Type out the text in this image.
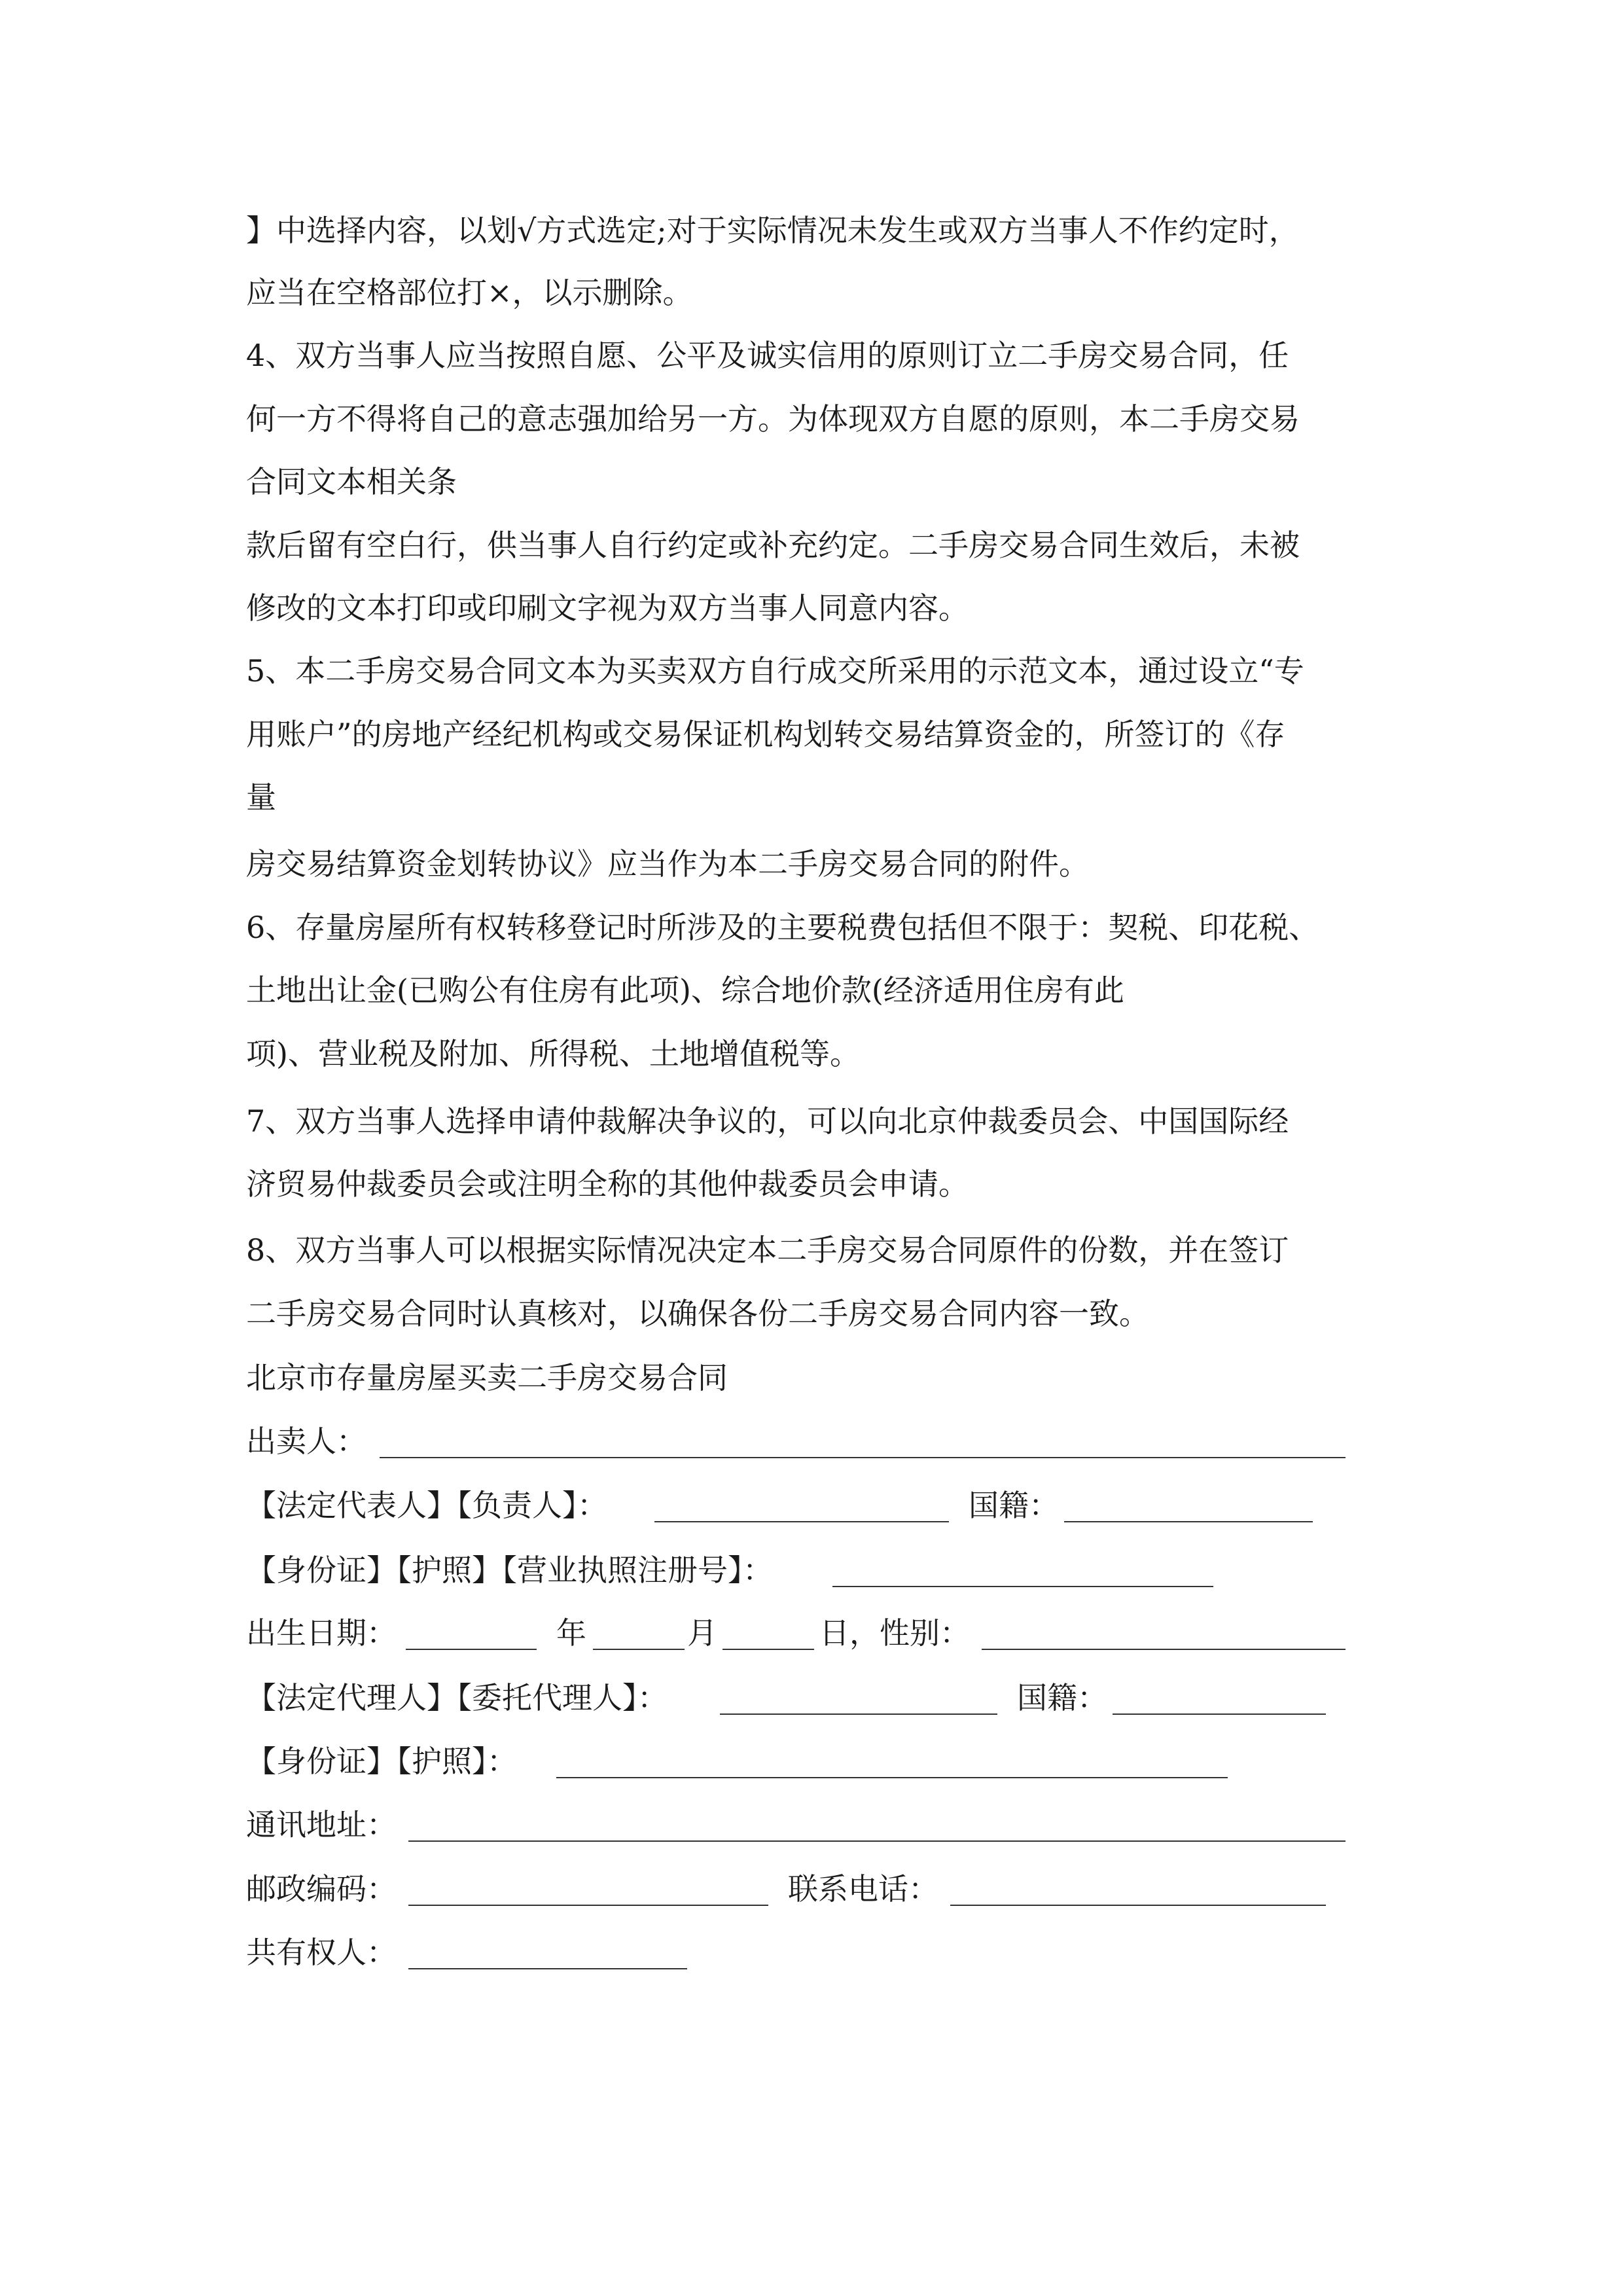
】中选择内容，以划√方式选定;对于实际情况未发生或双方当事人不作约定时，
应当在空格部位打×，以示删除。
4、双方当事人应当按照自愿、公平及诚实信用的原则订立二手房交易合同，任
何一方不得将自己的意志强加给另一方。为体现双方自愿的原则，本二手房交易
合同文本相关条
款后留有空白行，供当事人自行约定或补充约定。二手房交易合同生效后，未被
修改的文本打印或印刷文字视为双方当事人同意内容。
5、本二手房交易合同文本为买卖双方自行成交所采用的示范文本，通过设立“专
用账户”的房地产经纪机构或交易保证机构划转交易结算资金的，所签订的《存
量
房交易结算资金划转协议》应当作为本二手房交易合同的附件。
6、存量房屋所有权转移登记时所涉及的主要税费包括但不限于：契税、印花税、
土地出让金(已购公有住房有此项)、综合地价款(经济适用住房有此
项)、营业税及附加、所得税、土地增值税等。
7、双方当事人选择申请仲裁解决争议的，可以向北京仲裁委员会、中国国际经
济贸易仲裁委员会或注明全称的其他仲裁委员会申请。
8、双方当事人可以根据实际情况决定本二手房交易合同原件的份数，并在签订
二手房交易合同时认真核对，以确保各份二手房交易合同内容一致。
北京市存量房屋买卖二手房交易合同
出卖人：
【法定代表人】【负责人】：	国籍：
【身份证】【护照】【营业执照注册号】：
出生日期：	年	月	日，性别：
【法定代理人】【委托代理人】：	国籍：
【身份证】【护照】：
通讯地址：
邮政编码：	联系电话：
共有权人：
